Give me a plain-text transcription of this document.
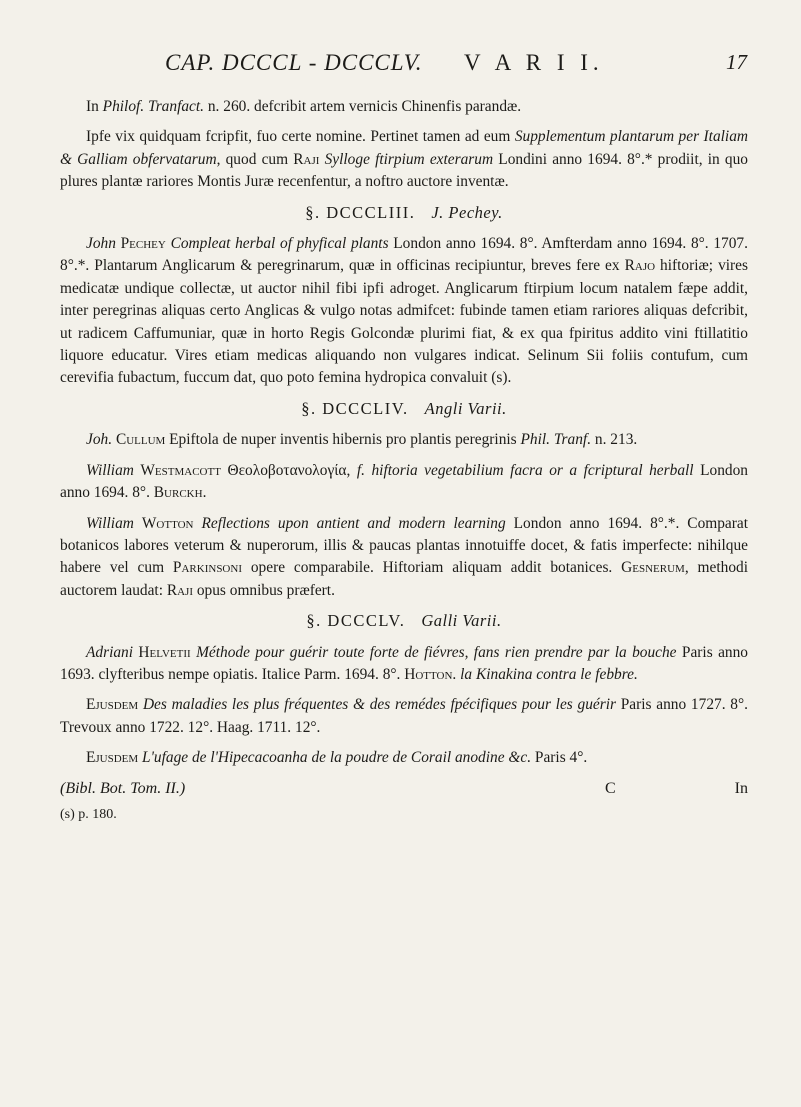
CAP. DCCCL - DCCCLV. V A R I I.	17

In Philof. Tranfact. n. 260. defcribit artem vernicis Chinenfis parandæ.

Ipfe vix quidquam fcripfit, fuo certe nomine. Pertinet tamen ad eum Supplementum plantarum per Italiam & Galliam obfervatarum, quod cum Raji Sylloge ftirpium exterarum Londini anno 1694. 8°.* prodiit, in quo plures plantæ rariores Montis Juræ recenfentur, a noftro auctore inventæ.

§. DCCCLIII. J. Pechey.

John Pechey Compleat herbal of phyfical plants London anno 1694. 8°. Amfterdam anno 1694. 8°. 1707. 8°.*. Plantarum Anglicarum & peregrinarum, quæ in officinas recipiuntur, breves fere ex Rajo hiftoriæ; vires medicatæ undique collectæ, ut auctor nihil fibi ipfi adroget. Anglicarum ftirpium locum natalem fæpe addit, inter peregrinas aliquas certo Anglicas & vulgo notas admifcet: fubinde tamen etiam rariores aliquas defcribit, ut radicem Caffumuniar, quæ in horto Regis Golcondæ plurimi fiat, & ex qua fpiritus addito vini ftillatitio liquore educatur. Vires etiam medicas aliquando non vulgares indicat. Selinum Sii foliis contufum, cum cerevifia fubactum, fuccum dat, quo poto femina hydropica convaluit (s).

§. DCCCLIV. Angli Varii.

Joh. Cullum Epiftola de nuper inventis hibernis pro plantis peregrinis Phil. Tranf. n. 213.

William Westmacott Θεολοβοτανολογία, f. hiftoria vegetabilium facra or a fcriptural herball London anno 1694. 8°. Burckh.

William Wotton Reflections upon antient and modern learning London anno 1694. 8°.*. Comparat botanicos labores veterum & nuperorum, illis & paucas plantas innotuiffe docet, & fatis imperfecte: nihilque habere vel cum Parkinsoni opere comparabile. Hiftoriam aliquam addit botanices. Gesnerum, methodi auctorem laudat: Raji opus omnibus præfert.

§. DCCCLV. Galli Varii.

Adriani Helvetii Méthode pour guérir toute forte de fiévres, fans rien prendre par la bouche Paris anno 1693. clyfteribus nempe opiatis. Italice Parm. 1694. 8°. Hotton. la Kinakina contra le febbre.

Ejusdem Des maladies les plus fréquentes & des remédes fpécifiques pour les guérir Paris anno 1727. 8°. Trevoux anno 1722. 12°. Haag. 1711. 12°.

Ejusdem L'ufage de l'Hipecacoanha de la poudre de Corail anodine &c. Paris 4°.

(Bibl. Bot. Tom. II.)	C	In
(s) p. 180.
